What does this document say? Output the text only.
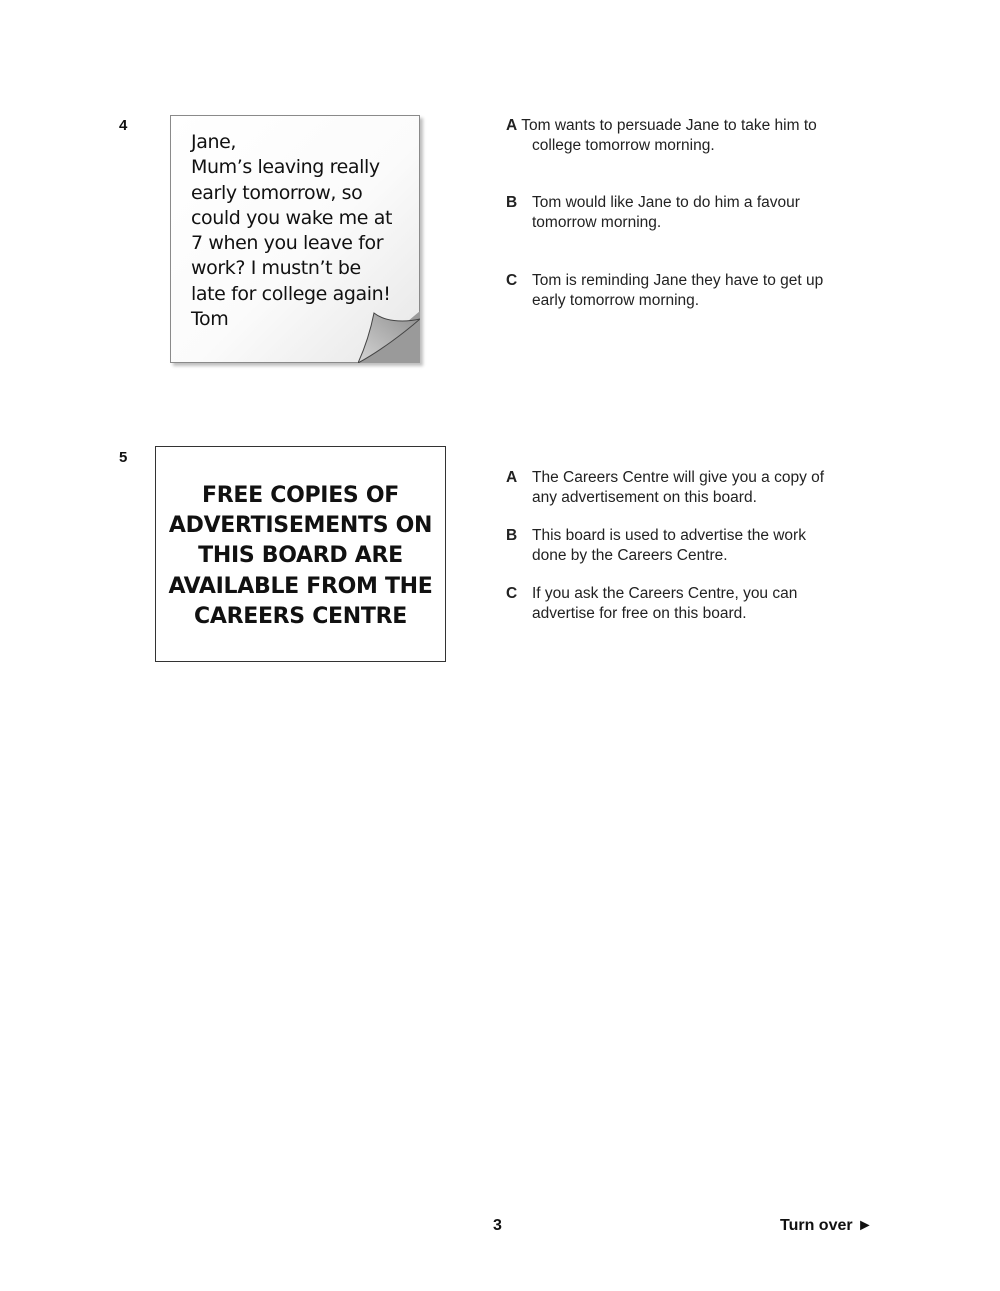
4
Jane,
Mum’s leaving really
early tomorrow, so
could you wake me at
7 when you leave for
work? I mustn’t be
late for college again!
Tom
A Tom wants to persuade Jane to take him to
college tomorrow morning.
B Tom would like Jane to do him a favour
tomorrow morning.
C Tom is reminding Jane they have to get up
early tomorrow morning.
5
FREE COPIES OF
ADVERTISEMENTS ON
THIS BOARD ARE
AVAILABLE FROM THE
CAREERS CENTRE
A The Careers Centre will give you a copy of
any advertisement on this board.
B This board is used to advertise the work
done by the Careers Centre.
C If you ask the Careers Centre, you can
advertise for free on this board.
3	Turn over ►
